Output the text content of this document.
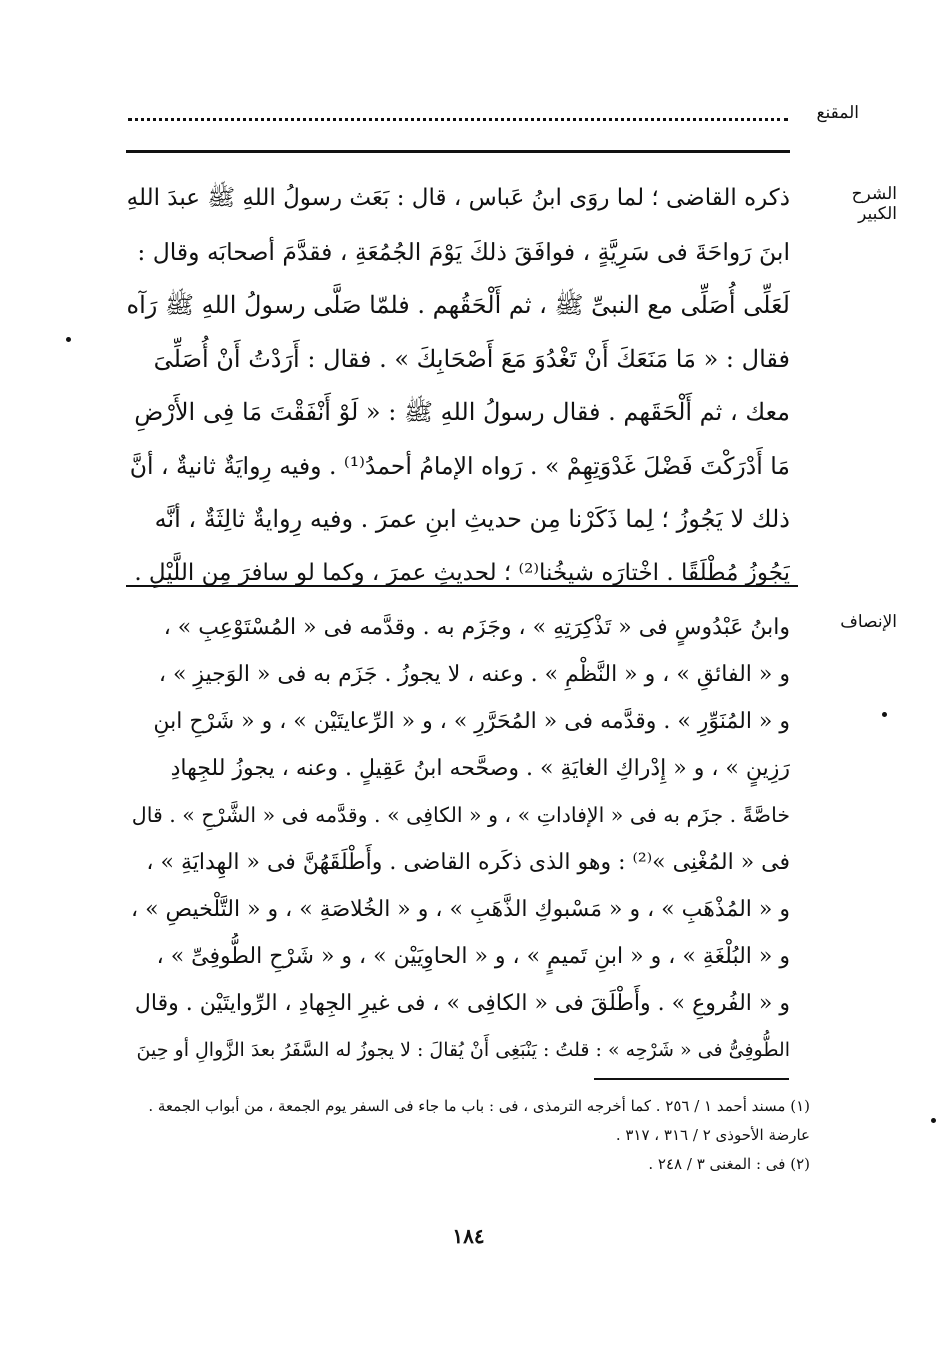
المقنع
الشرح الكبير
الإنصاف
ذكره القاضى ؛ لما روَى ابنُ عَباس ، قال : بَعَث رسولُ اللهِ ﷺ عبدَ اللهِ
ابنَ رَواحَةَ فى سَرِيَّةٍ ، فوافَقَ ذلكَ يَوْمَ الجُمُعَةِ ، فقدَّمَ أصحابَه وقال :
لَعَلِّى أُصَلِّى مع النبىِّ ﷺ ، ثم أَلْحَقُهم . فلمّا صَلَّى رسولُ اللهِ ﷺ رَآه
فقال : « مَا مَنَعَكَ أَنْ تَغْدُوَ مَعَ أَصْحَابِكَ » . فقال : أَرَدْتُ أَنْ أُصَلِّىَ
معك ، ثم أَلْحَقَهم . فقال رسولُ اللهِ ﷺ : « لَوْ أَنْفَقْتَ مَا فِى الأَرْضِ
مَا أَدْرَكْتَ فَضْلَ غَدْوَتِهِمْ » . رَواه الإمامُ أحمدُ⁽¹⁾ . وفيه رِوايَةٌ ثانيةٌ ، أنَّ
ذلك لا يَجُوزُ ؛ لِما ذَكَرْنا مِن حديثِ ابنِ عمرَ . وفيه رِوايةٌ ثالِثَةٌ ، أنَّه
يَجُوزُ مُطْلَقًا . اخْتارَه شيخُنا⁽²⁾ ؛ لحديثِ عمرَ ، وكما لو سافرَ مِن اللَّيْلِ .
وابنُ عَبْدُوسٍ فى « تَذْكِرَتِهِ » ، وجَزَم به . وقدَّمه فى « المُسْتَوْعِبِ » ،
و « الفائقِ » ، و « النَّظْمِ » . وعنه ، لا يجوزُ . جَزَم به فى « الوَجيزِ » ،
و « المُنَوِّرِ » . وقدَّمه فى « المُحَرَّرِ » ، و « الرِّعايتَيْن » ، و « شَرْحِ ابنِ
رَزِينٍ » ، و « إِدْراكِ الغايَةِ » . وصحَّحه ابنُ عَقِيلٍ . وعنه ، يجوزُ للجِهادِ
خاصَّةً . جزَم به فى « الإفاداتِ » ، و « الكافِى » . وقدَّمه فى « الشَّرْحِ » . قال
فى « المُغْنِى »⁽²⁾ : وهو الذى ذكَره القاضى . وأَطْلَقَهُنَّ فى « الهِدايَةِ » ،
و « المُذْهَبِ » ، و « مَسْبوكِ الذَّهَبِ » ، و « الخُلاصَةِ » ، و « التَّلْخيصِ » ،
و « البُلْغَةِ » ، و « ابنِ تَميمٍ » ، و « الحاوِيَيْن » ، و « شَرْحِ الطُّوفِىِّ » ،
و « الفُروعِ » . وأَطْلَقَ فى « الكافِى » ، فى غيرِ الجِهادِ ، الرِّوايتَيْن . وقال
الطُّوفِىُّ فى « شَرْحِه » : قلتُ : يَنْبَغِى أَنْ يُقالَ : لا يجوزُ له السَّفَرُ بعدَ الزَّوالِ أو حِينَ
(١) مسند أحمد ١ / ٢٥٦ . كما أخرجه الترمذى ، فى : باب ما جاء فى السفر يوم الجمعة ، من أبواب الجمعة .
عارضة الأحوذى ٢ / ٣١٦ ، ٣١٧ .
(٢) فى : المغنى ٣ / ٢٤٨ .
١٨٤
